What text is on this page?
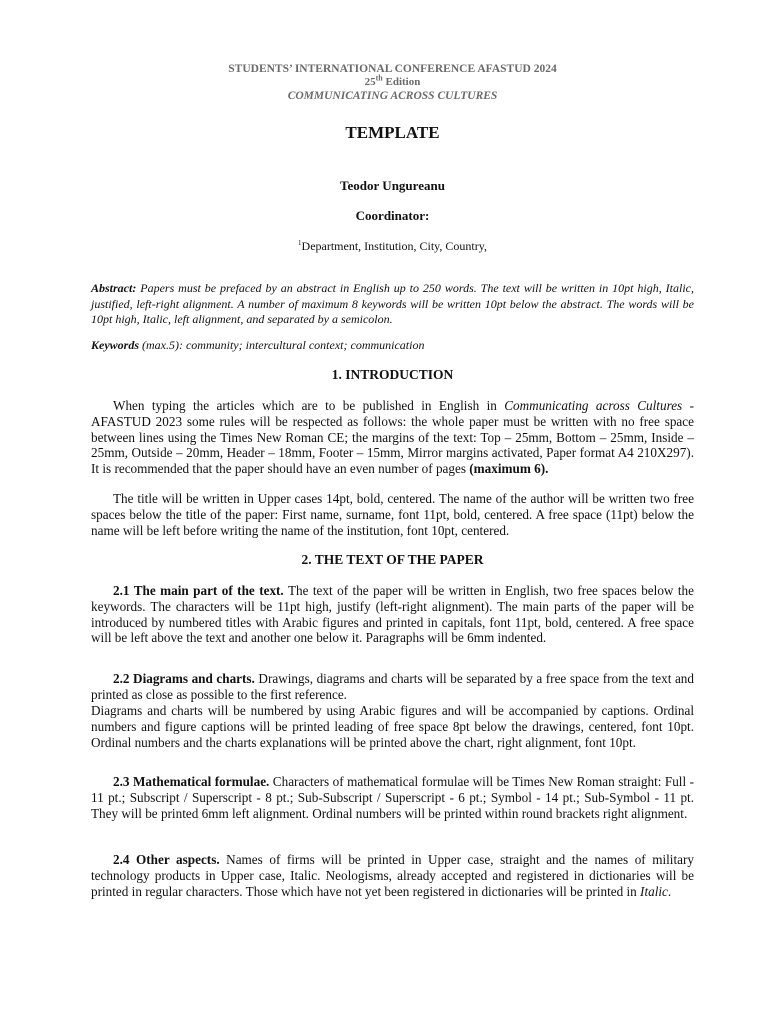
STUDENTS’ INTERNATIONAL CONFERENCE AFASTUD 2024
25th Edition
COMMUNICATING ACROSS CULTURES
TEMPLATE
Teodor Ungureanu
Coordinator:
$^1$Department, Institution, City, Country,
Abstract: Papers must be prefaced by an abstract in English up to 250 words. The text will be written in 10pt high, Italic, justified, left-right alignment. A number of maximum 8 keywords will be written 10pt below the abstract. The words will be 10pt high, Italic, left alignment, and separated by a semicolon.
Keywords (max.5): community; intercultural context; communication
1. INTRODUCTION
When typing the articles which are to be published in English in Communicating across Cultures - AFASTUD 2023 some rules will be respected as follows: the whole paper must be written with no free space between lines using the Times New Roman CE; the margins of the text: Top – 25mm, Bottom – 25mm, Inside – 25mm, Outside – 20mm, Header – 18mm, Footer – 15mm, Mirror margins activated, Paper format A4 210X297). It is recommended that the paper should have an even number of pages (maximum 6).
The title will be written in Upper cases 14pt, bold, centered. The name of the author will be written two free spaces below the title of the paper: First name, surname, font 11pt, bold, centered. A free space (11pt) below the name will be left before writing the name of the institution, font 10pt, centered.
2. THE TEXT OF THE PAPER
2.1 The main part of the text. The text of the paper will be written in English, two free spaces below the keywords. The characters will be 11pt high, justify (left-right alignment). The main parts of the paper will be introduced by numbered titles with Arabic figures and printed in capitals, font 11pt, bold, centered. A free space will be left above the text and another one below it. Paragraphs will be 6mm indented.
2.2 Diagrams and charts. Drawings, diagrams and charts will be separated by a free space from the text and printed as close as possible to the first reference.
Diagrams and charts will be numbered by using Arabic figures and will be accompanied by captions. Ordinal numbers and figure captions will be printed leading of free space 8pt below the drawings, centered, font 10pt. Ordinal numbers and the charts explanations will be printed above the chart, right alignment, font 10pt.
2.3 Mathematical formulae. Characters of mathematical formulae will be Times New Roman straight: Full - 11 pt.; Subscript / Superscript - 8 pt.; Sub-Subscript / Superscript - 6 pt.; Symbol - 14 pt.; Sub-Symbol - 11 pt. They will be printed 6mm left alignment. Ordinal numbers will be printed within round brackets right alignment.
2.4 Other aspects. Names of firms will be printed in Upper case, straight and the names of military technology products in Upper case, Italic. Neologisms, already accepted and registered in dictionaries will be printed in regular characters. Those which have not yet been registered in dictionaries will be printed in Italic.
